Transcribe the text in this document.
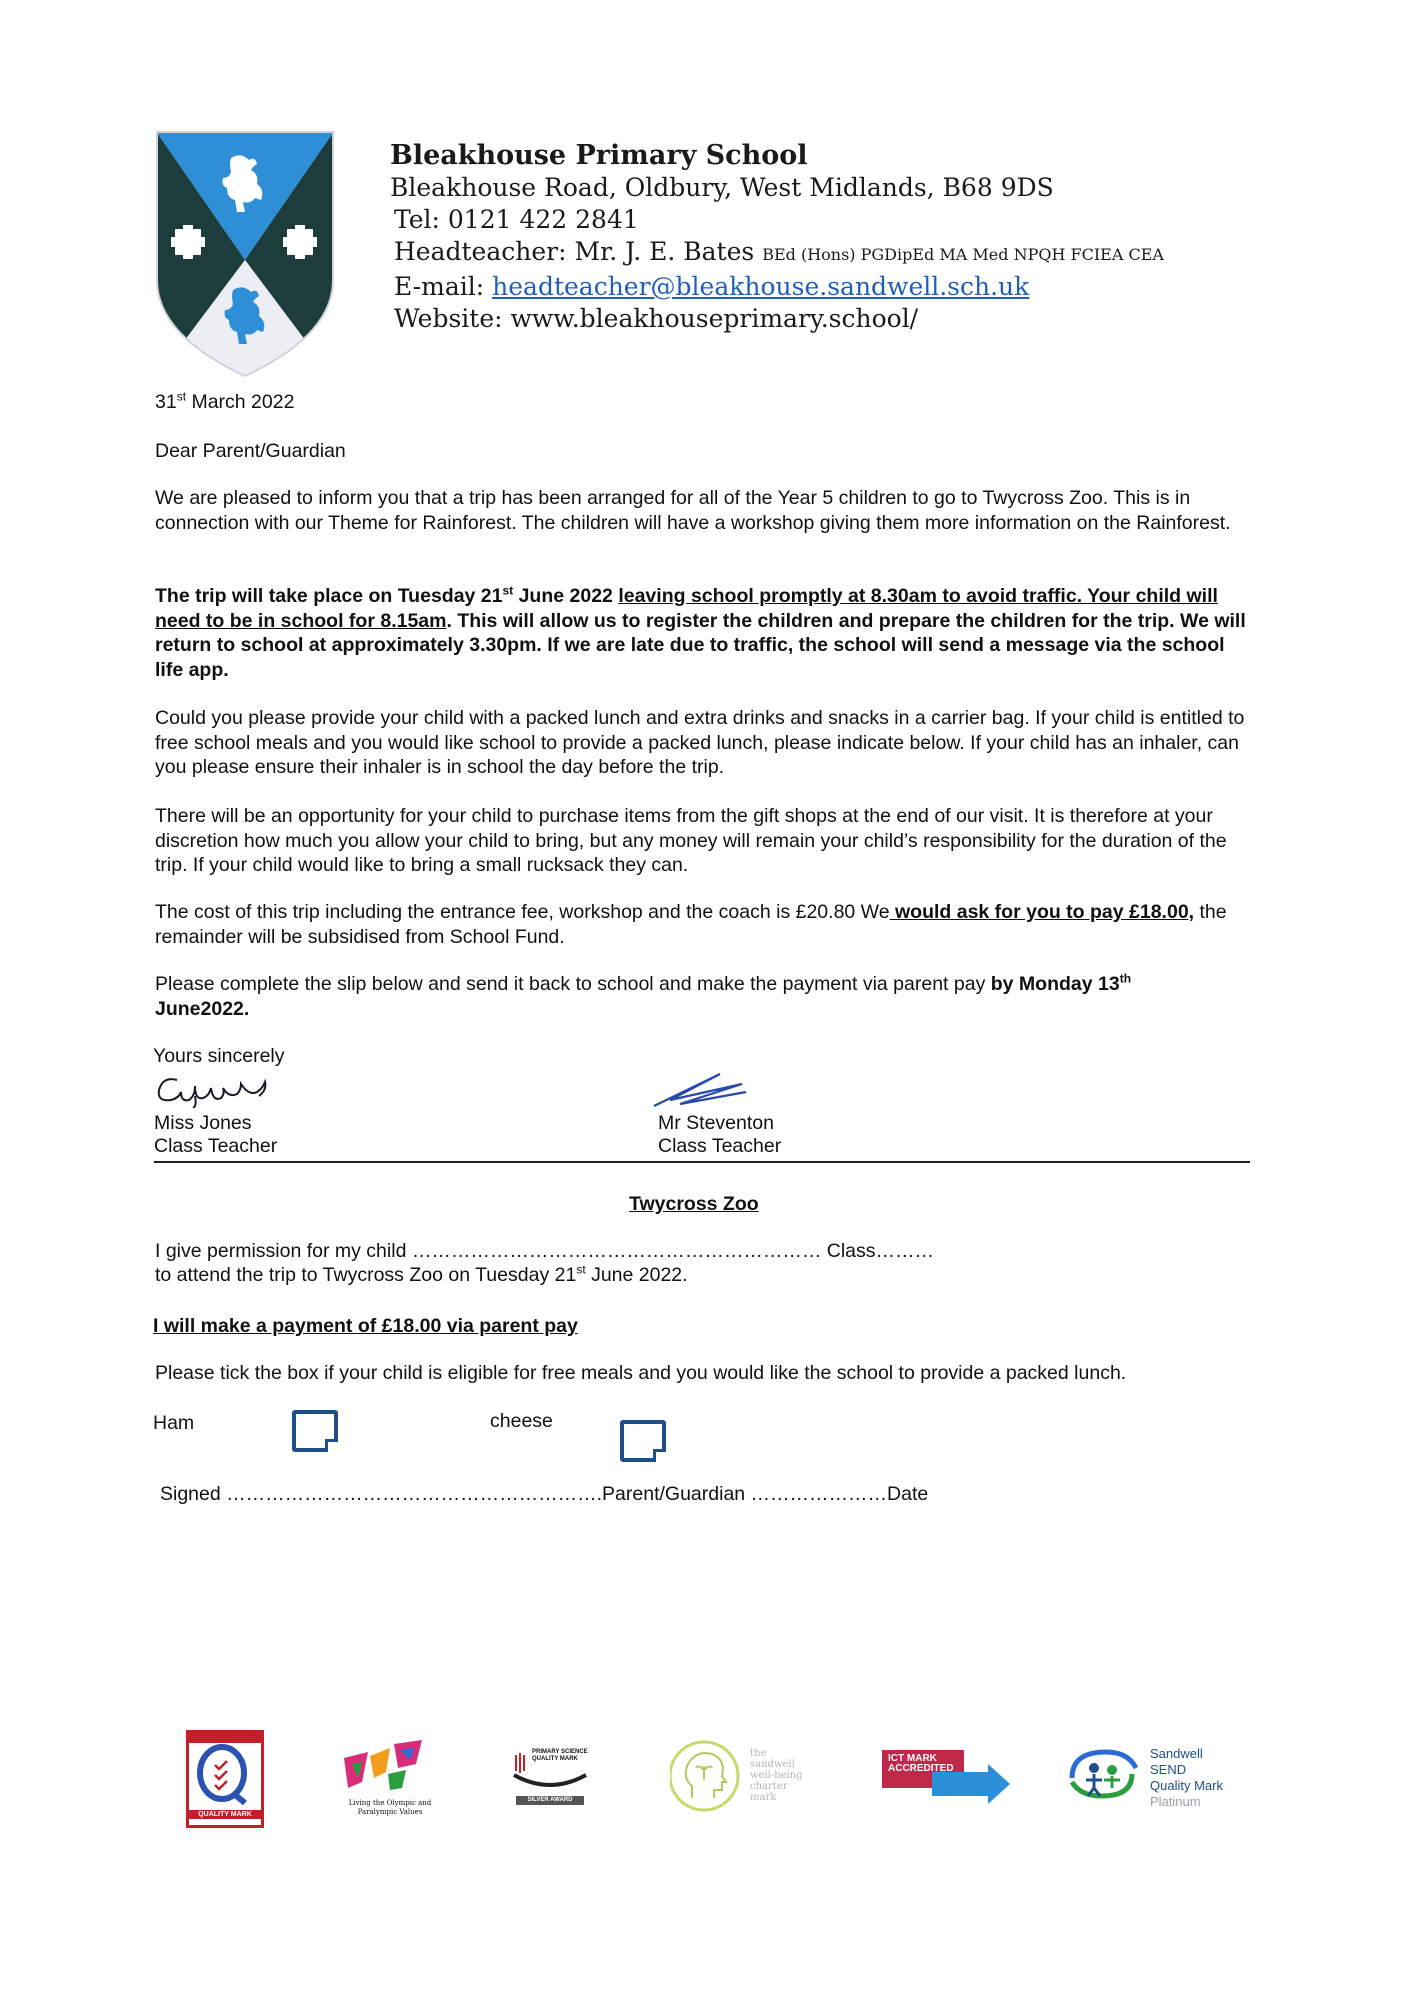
Bleakhouse Primary School
Bleakhouse Road, Oldbury, West Midlands, B68 9DS
Tel: 0121 422 2841
Headteacher: Mr. J. E. Bates BEd (Hons) PGDipEd MA Med NPQH FCIEA CEA
E-mail: headteacher@bleakhouse.sandwell.sch.uk
Website: www.bleakhouseprimary.school/
31st March 2022
Dear Parent/Guardian
We are pleased to inform you that a trip has been arranged for all of the Year 5 children to go to Twycross Zoo. This is in connection with our Theme for Rainforest. The children will have a workshop giving them more information on the Rainforest.
The trip will take place on Tuesday 21st June 2022 leaving school promptly at 8.30am to avoid traffic. Your child will need to be in school for 8.15am. This will allow us to register the children and prepare the children for the trip. We will return to school at approximately 3.30pm. If we are late due to traffic, the school will send a message via the school life app.
Could you please provide your child with a packed lunch and extra drinks and snacks in a carrier bag. If your child is entitled to free school meals and you would like school to provide a packed lunch, please indicate below. If your child has an inhaler, can you please ensure their inhaler is in school the day before the trip.
There will be an opportunity for your child to purchase items from the gift shops at the end of our visit. It is therefore at your discretion how much you allow your child to bring, but any money will remain your child’s responsibility for the duration of the trip. If your child would like to bring a small rucksack they can.
The cost of this trip including the entrance fee, workshop and the coach is £20.80 We would ask for you to pay £18.00, the remainder will be subsidised from School Fund.
Please complete the slip below and send it back to school and make the payment via parent pay by Monday 13th
June2022.
Yours sincerely
Miss Jones
Class Teacher
Mr Steventon
Class Teacher
Twycross Zoo
I give permission for my child ……………………………………………………… Class………
to attend the trip to Twycross Zoo on Tuesday 21st June 2022.
I will make a payment of £18.00 via parent pay
Please tick the box if your child is eligible for free meals and you would like the school to provide a packed lunch.
Ham	cheese
Signed ………………………………………………….Parent/Guardian …………………Date
QUALITY MARK
Living the Olympic and Paralympic Values
PRIMARY SCIENCE QUALITY MARK
SILVER AWARD
the sandwell well-being charter mark
ICT MARK ACCREDITED
Sandwell
SEND
Quality Mark
Platinum
